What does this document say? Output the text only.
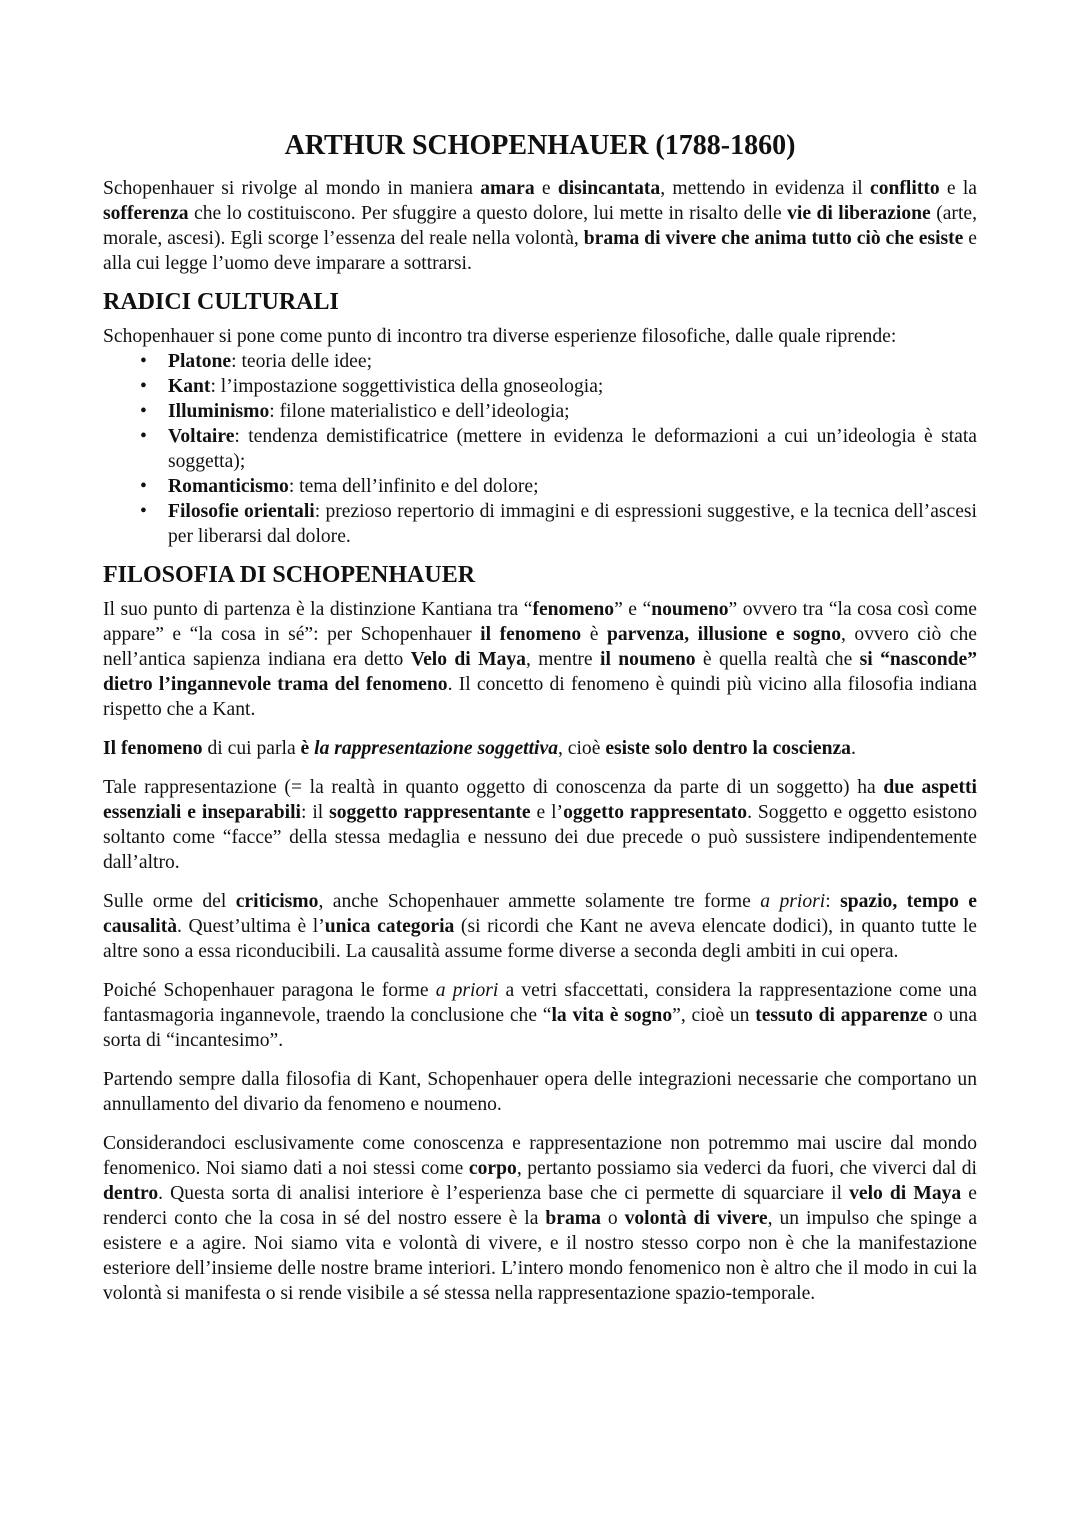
ARTHUR SCHOPENHAUER (1788-1860)

Schopenhauer si rivolge al mondo in maniera amara e disincantata, mettendo in evidenza il conflitto e la sofferenza che lo costituiscono. Per sfuggire a questo dolore, lui mette in risalto delle vie di liberazione (arte, morale, ascesi). Egli scorge l’essenza del reale nella volontà, brama di vivere che anima tutto ciò che esiste e alla cui legge l’uomo deve imparare a sottrarsi.

RADICI CULTURALI

Schopenhauer si pone come punto di incontro tra diverse esperienze filosofiche, dalle quale riprende:

• Platone: teoria delle idee;
• Kant: l’impostazione soggettivistica della gnoseologia;
• Illuminismo: filone materialistico e dell’ideologia;
• Voltaire: tendenza demistificatrice (mettere in evidenza le deformazioni a cui un’ideologia è stata soggetta);
• Romanticismo: tema dell’infinito e del dolore;
• Filosofie orientali: prezioso repertorio di immagini e di espressioni suggestive, e la tecnica dell’ascesi per liberarsi dal dolore.
FILOSOFIA DI SCHOPENHAUER

Il suo punto di partenza è la distinzione Kantiana tra “fenomeno” e “noumeno” ovvero tra “la cosa così come appare” e “la cosa in sé”: per Schopenhauer il fenomeno è parvenza, illusione e sogno, ovvero ciò che nell’antica sapienza indiana era detto Velo di Maya, mentre il noumeno è quella realtà che si “nasconde” dietro l’ingannevole trama del fenomeno. Il concetto di fenomeno è quindi più vicino alla filosofia indiana rispetto che a Kant.

Il fenomeno di cui parla è la rappresentazione soggettiva, cioè esiste solo dentro la coscienza.

Tale rappresentazione (= la realtà in quanto oggetto di conoscenza da parte di un soggetto) ha due aspetti essenziali e inseparabili: il soggetto rappresentante e l’oggetto rappresentato. Soggetto e oggetto esistono soltanto come “facce” della stessa medaglia e nessuno dei due precede o può sussistere indipendentemente dall’altro.

Sulle orme del criticismo, anche Schopenhauer ammette solamente tre forme a priori: spazio, tempo e causalità. Quest’ultima è l’unica categoria (si ricordi che Kant ne aveva elencate dodici), in quanto tutte le altre sono a essa riconducibili. La causalità assume forme diverse a seconda degli ambiti in cui opera.

Poiché Schopenhauer paragona le forme a priori a vetri sfaccettati, considera la rappresentazione come una fantasmagoria ingannevole, traendo la conclusione che “la vita è sogno”, cioè un tessuto di apparenze o una sorta di “incantesimo”.

Partendo sempre dalla filosofia di Kant, Schopenhauer opera delle integrazioni necessarie che comportano un annullamento del divario da fenomeno e noumeno.

Considerandoci esclusivamente come conoscenza e rappresentazione non potremmo mai uscire dal mondo fenomenico. Noi siamo dati a noi stessi come corpo, pertanto possiamo sia vederci da fuori, che viverci dal di dentro. Questa sorta di analisi interiore è l’esperienza base che ci permette di squarciare il velo di Maya e renderci conto che la cosa in sé del nostro essere è la brama o volontà di vivere, un impulso che spinge a esistere e a agire. Noi siamo vita e volontà di vivere, e il nostro stesso corpo non è che la manifestazione esteriore dell’insieme delle nostre brame interiori. L’intero mondo fenomenico non è altro che il modo in cui la volontà si manifesta o si rende visibile a sé stessa nella rappresentazione spazio-temporale.
